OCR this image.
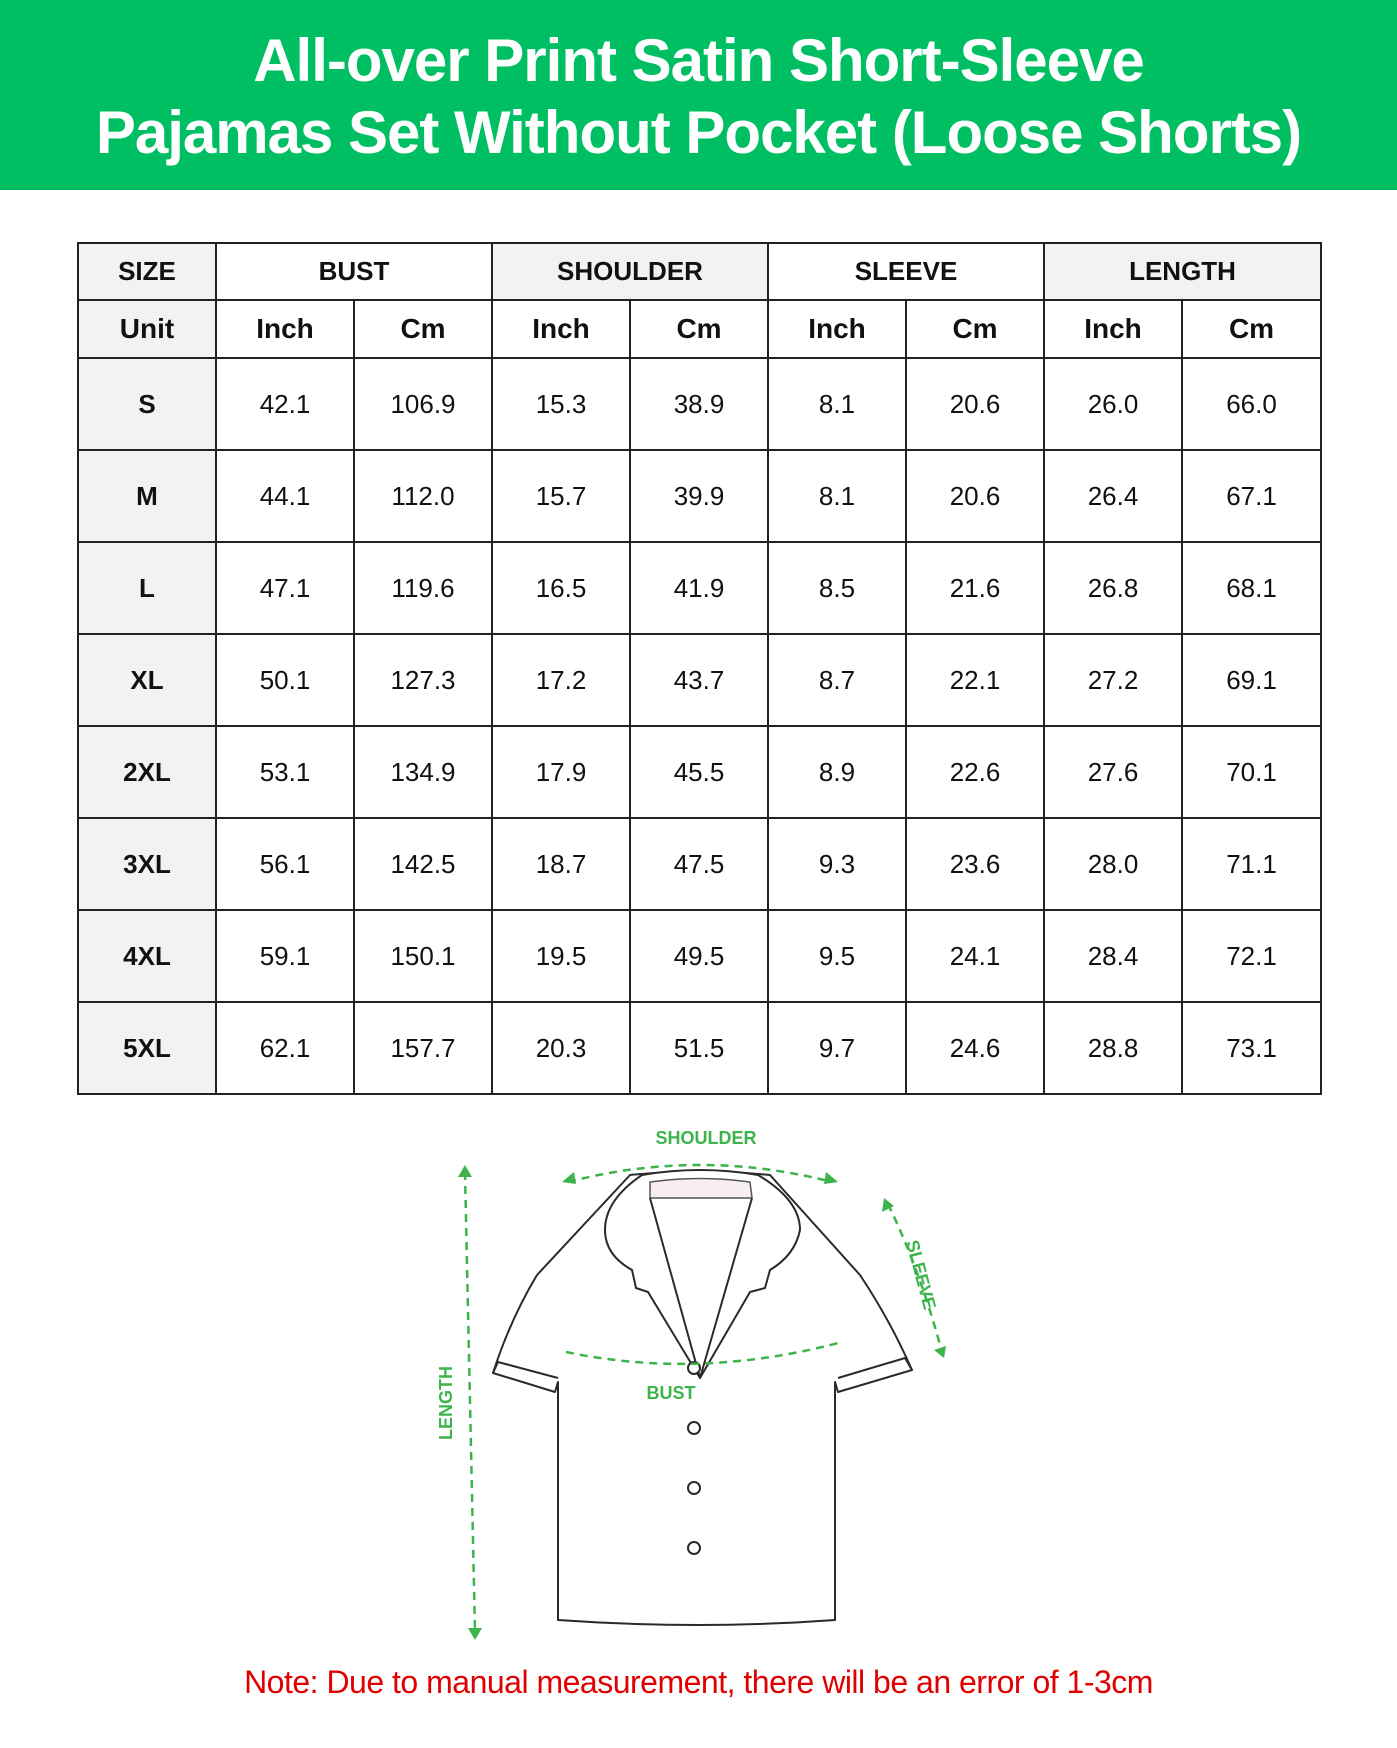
All-over Print Satin Short-Sleeve
Pajamas Set Without Pocket (Loose Shorts)
SIZE	BUST		SHOULDER		SLEEVE		LENGTH	
Unit	Inch	Cm	Inch	Cm	Inch	Cm	Inch	Cm
S	42.1	106.9	15.3	38.9	8.1	20.6	26.0	66.0
M	44.1	112.0	15.7	39.9	8.1	20.6	26.4	67.1
L	47.1	119.6	16.5	41.9	8.5	21.6	26.8	68.1
XL	50.1	127.3	17.2	43.7	8.7	22.1	27.2	69.1
2XL	53.1	134.9	17.9	45.5	8.9	22.6	27.6	70.1
3XL	56.1	142.5	18.7	47.5	9.3	23.6	28.0	71.1
4XL	59.1	150.1	19.5	49.5	9.5	24.1	28.4	72.1
5XL	62.1	157.7	20.3	51.5	9.7	24.6	28.8	73.1
SHOULDER
SLEEVE
BUST
LENGTH
Note: Due to manual measurement, there will be an error of 1-3cm
